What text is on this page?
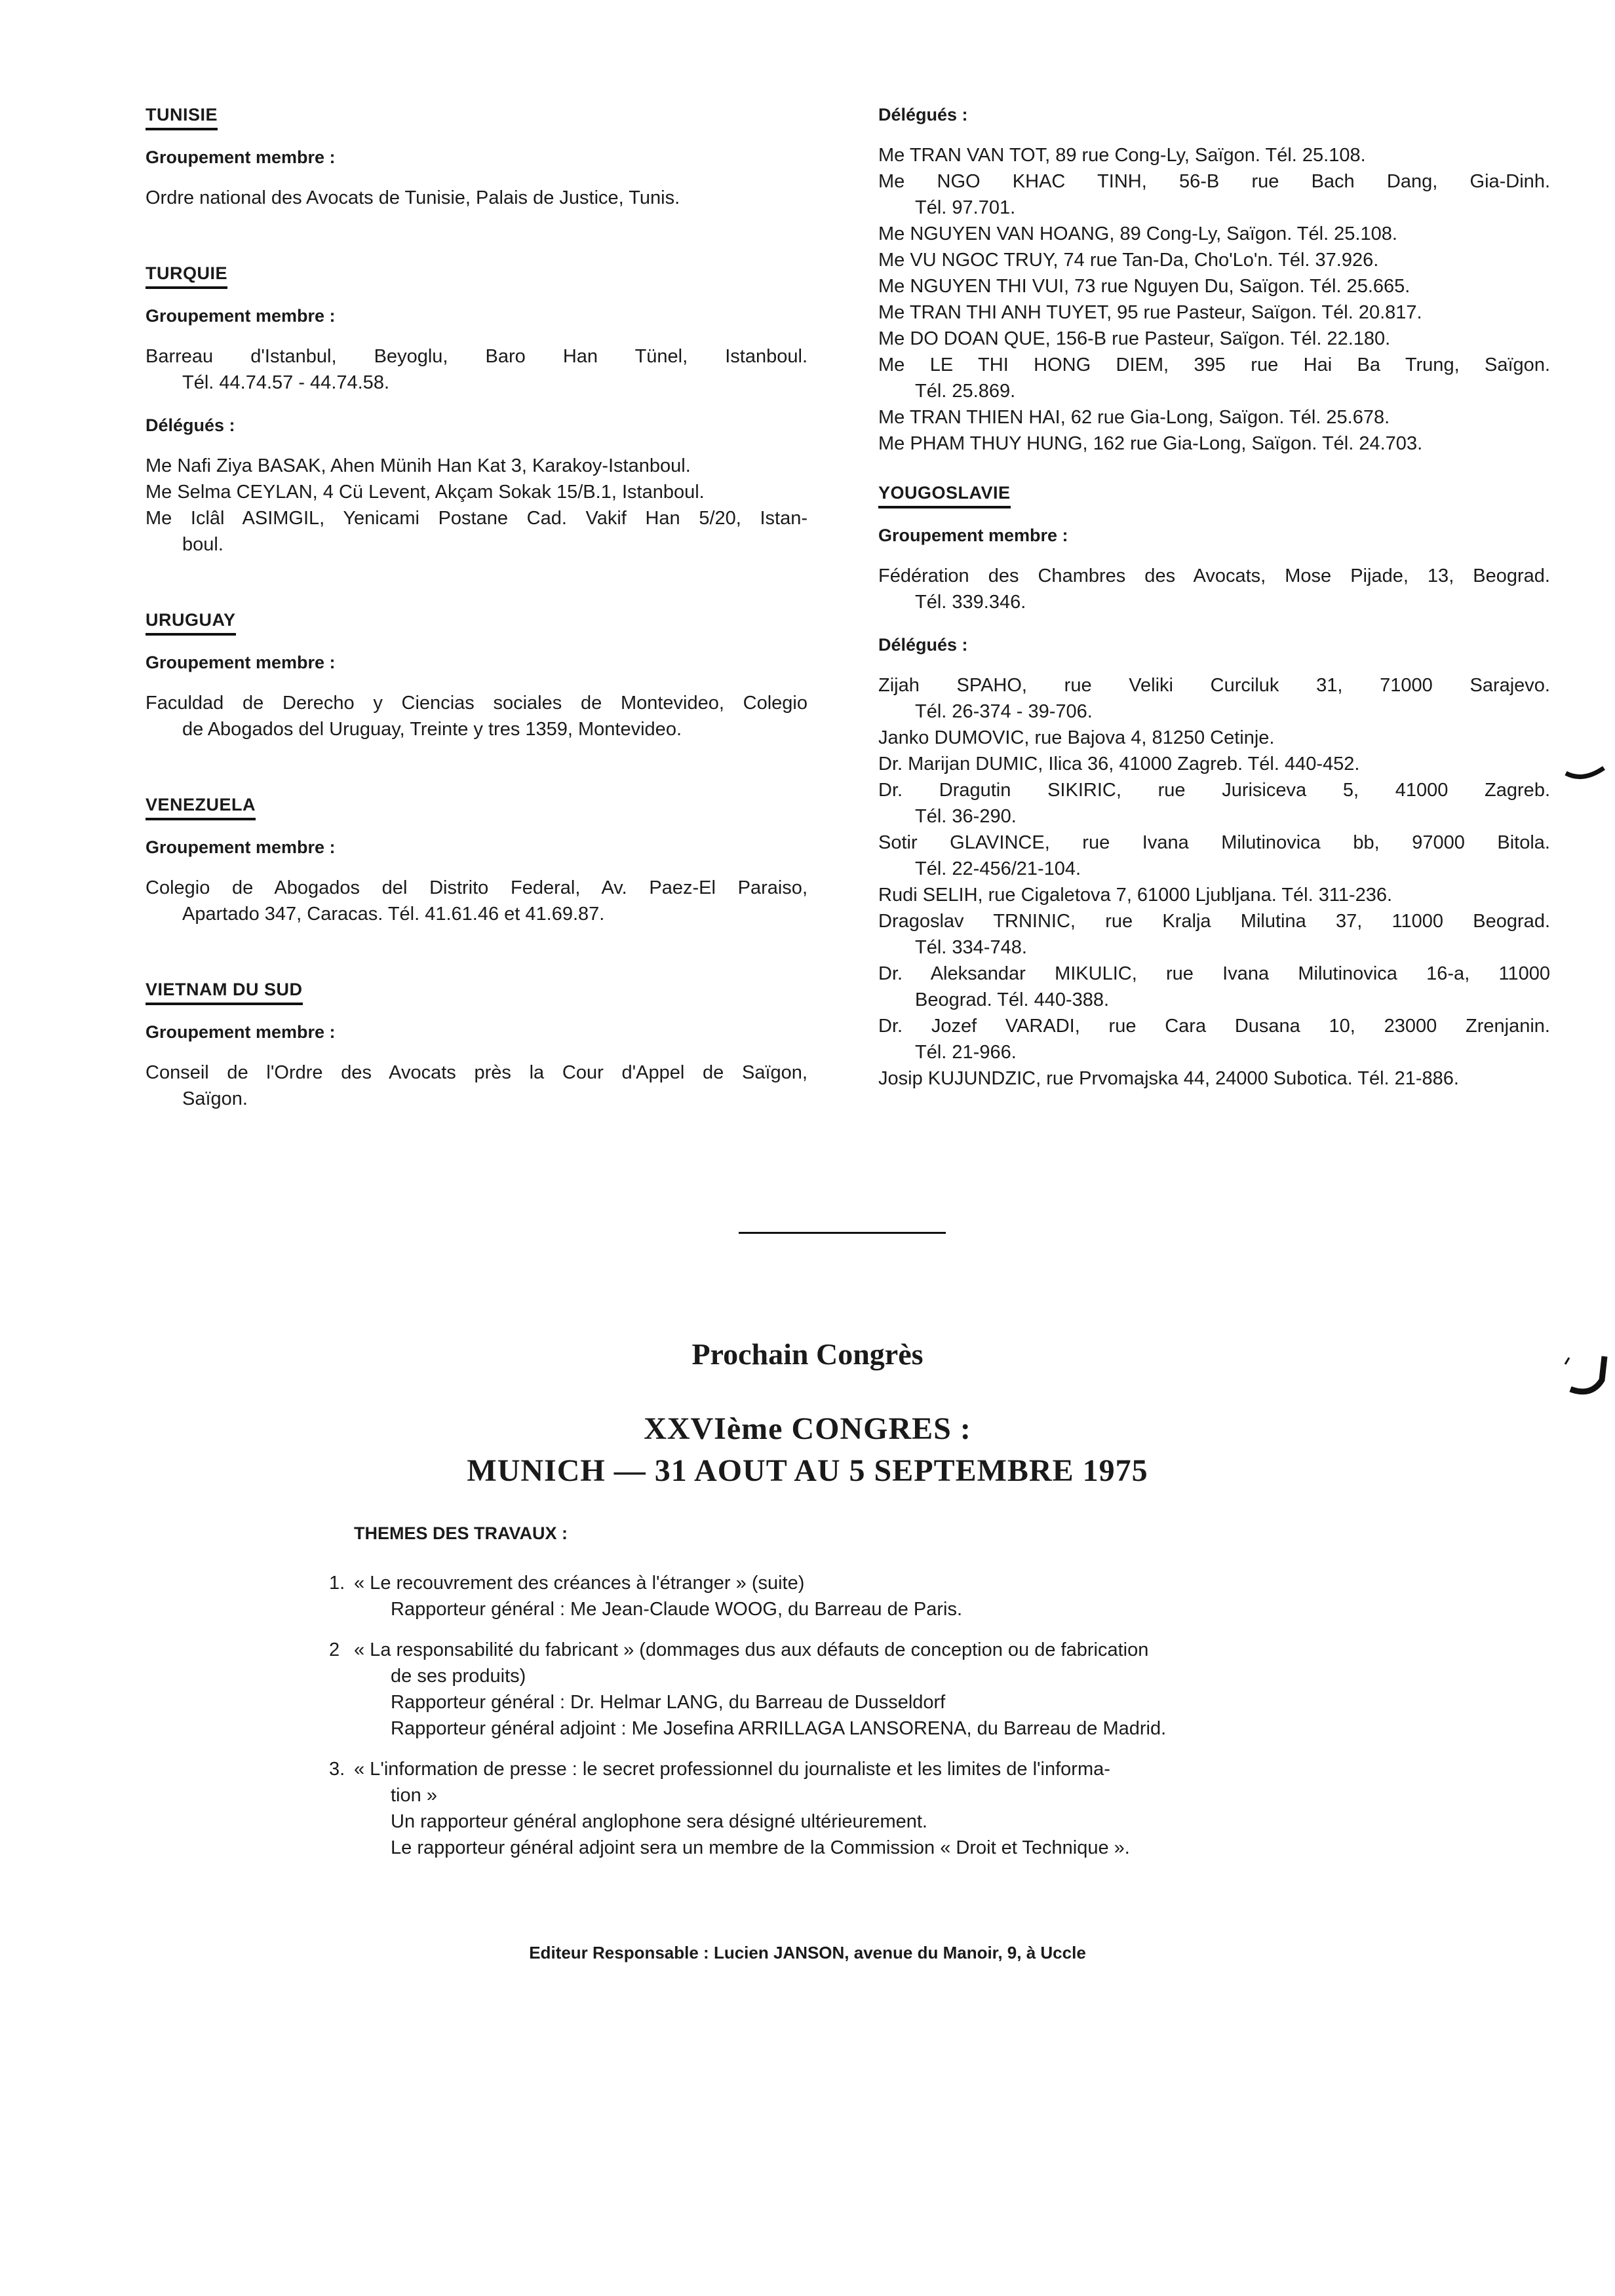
TUNISIE
Groupement membre :
Ordre national des Avocats de Tunisie, Palais de Justice, Tunis.
TURQUIE
Groupement membre :
Barreau d'Istanbul, Beyoglu, Baro Han Tünel, Istanboul.
Tél. 44.74.57 - 44.74.58.
Délégués :
Me Nafi Ziya BASAK, Ahen Münih Han Kat 3, Karakoy-Istanboul.
Me Selma CEYLAN, 4 Cü Levent, Akçam Sokak 15/B.1, Istanboul.
Me Iclâl ASIMGIL, Yenicami Postane Cad. Vakif Han 5/20, Istan-
boul.
URUGUAY
Groupement membre :
Faculdad de Derecho y Ciencias sociales de Montevideo, Colegio
de Abogados del Uruguay, Treinte y tres 1359, Montevideo.
VENEZUELA
Groupement membre :
Colegio de Abogados del Distrito Federal, Av. Paez-El Paraiso,
Apartado 347, Caracas. Tél. 41.61.46 et 41.69.87.
VIETNAM DU SUD
Groupement membre :
Conseil de l'Ordre des Avocats près la Cour d'Appel de Saïgon,
Saïgon.
Délégués :
Me TRAN VAN TOT, 89 rue Cong-Ly, Saïgon. Tél. 25.108.
Me NGO KHAC TINH, 56-B rue Bach Dang, Gia-Dinh.
Tél. 97.701.
Me NGUYEN VAN HOANG, 89 Cong-Ly, Saïgon. Tél. 25.108.
Me VU NGOC TRUY, 74 rue Tan-Da, Cho'Lo'n. Tél. 37.926.
Me NGUYEN THI VUI, 73 rue Nguyen Du, Saïgon. Tél. 25.665.
Me TRAN THI ANH TUYET, 95 rue Pasteur, Saïgon. Tél. 20.817.
Me DO DOAN QUE, 156-B rue Pasteur, Saïgon. Tél. 22.180.
Me LE THI HONG DIEM, 395 rue Hai Ba Trung, Saïgon.
Tél. 25.869.
Me TRAN THIEN HAI, 62 rue Gia-Long, Saïgon. Tél. 25.678.
Me PHAM THUY HUNG, 162 rue Gia-Long, Saïgon. Tél. 24.703.
YOUGOSLAVIE
Groupement membre :
Fédération des Chambres des Avocats, Mose Pijade, 13, Beograd.
Tél. 339.346.
Délégués :
Zijah SPAHO, rue Veliki Curciluk 31, 71000 Sarajevo.
Tél. 26-374 - 39-706.
Janko DUMOVIC, rue Bajova 4, 81250 Cetinje.
Dr. Marijan DUMIC, Ilica 36, 41000 Zagreb. Tél. 440-452.
Dr. Dragutin SIKIRIC, rue Jurisiceva 5, 41000 Zagreb.
Tél. 36-290.
Sotir GLAVINCE, rue Ivana Milutinovica bb, 97000 Bitola.
Tél. 22-456/21-104.
Rudi SELIH, rue Cigaletova 7, 61000 Ljubljana. Tél. 311-236.
Dragoslav TRNINIC, rue Kralja Milutina 37, 11000 Beograd.
Tél. 334-748.
Dr. Aleksandar MIKULIC, rue Ivana Milutinovica 16-a, 11000
Beograd. Tél. 440-388.
Dr. Jozef VARADI, rue Cara Dusana 10, 23000 Zrenjanin.
Tél. 21-966.
Josip KUJUNDZIC, rue Prvomajska 44, 24000 Subotica. Tél. 21-886.
Prochain Congrès
XXVIème CONGRES :
MUNICH — 31 AOUT AU 5 SEPTEMBRE 1975
THEMES DES TRAVAUX :
1. « Le recouvrement des créances à l'étranger » (suite)
Rapporteur général : Me Jean-Claude WOOG, du Barreau de Paris.
2 « La responsabilité du fabricant » (dommages dus aux défauts de conception ou de fabrication
de ses produits)
Rapporteur général : Dr. Helmar LANG, du Barreau de Dusseldorf
Rapporteur général adjoint : Me Josefina ARRILLAGA LANSORENA, du Barreau de Madrid.
3. « L'information de presse : le secret professionnel du journaliste et les limites de l'informa-
tion »
Un rapporteur général anglophone sera désigné ultérieurement.
Le rapporteur général adjoint sera un membre de la Commission « Droit et Technique ».
Editeur Responsable : Lucien JANSON, avenue du Manoir, 9, à Uccle
